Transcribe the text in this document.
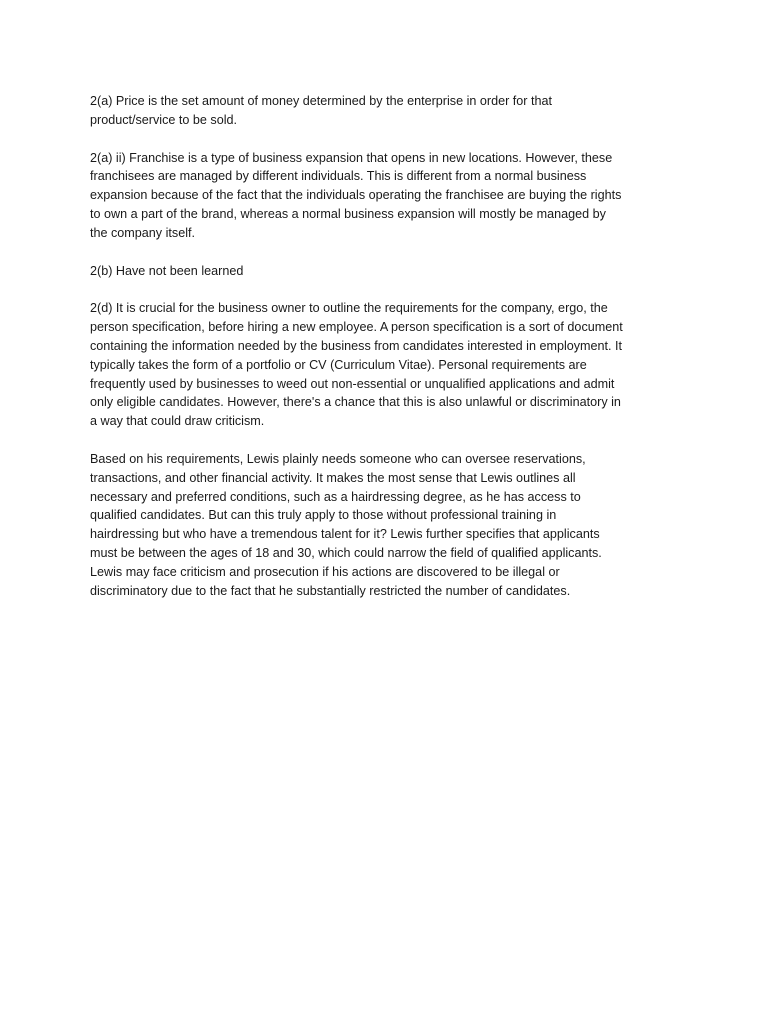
2(a) Price is the set amount of money determined by the enterprise in order for that
product/service to be sold.

2(a) ii) Franchise is a type of business expansion that opens in new locations. However, these
franchisees are managed by different individuals. This is different from a normal business
expansion because of the fact that the individuals operating the franchisee are buying the rights
to own a part of the brand, whereas a normal business expansion will mostly be managed by
the company itself.

2(b) Have not been learned

2(d) It is crucial for the business owner to outline the requirements for the company, ergo, the
person specification, before hiring a new employee. A person specification is a sort of document
containing the information needed by the business from candidates interested in employment. It
typically takes the form of a portfolio or CV (Curriculum Vitae). Personal requirements are
frequently used by businesses to weed out non-essential or unqualified applications and admit
only eligible candidates. However, there's a chance that this is also unlawful or discriminatory in
a way that could draw criticism.

Based on his requirements, Lewis plainly needs someone who can oversee reservations,
transactions, and other financial activity. It makes the most sense that Lewis outlines all
necessary and preferred conditions, such as a hairdressing degree, as he has access to
qualified candidates. But can this truly apply to those without professional training in
hairdressing but who have a tremendous talent for it? Lewis further specifies that applicants
must be between the ages of 18 and 30, which could narrow the field of qualified applicants.
Lewis may face criticism and prosecution if his actions are discovered to be illegal or
discriminatory due to the fact that he substantially restricted the number of candidates.
